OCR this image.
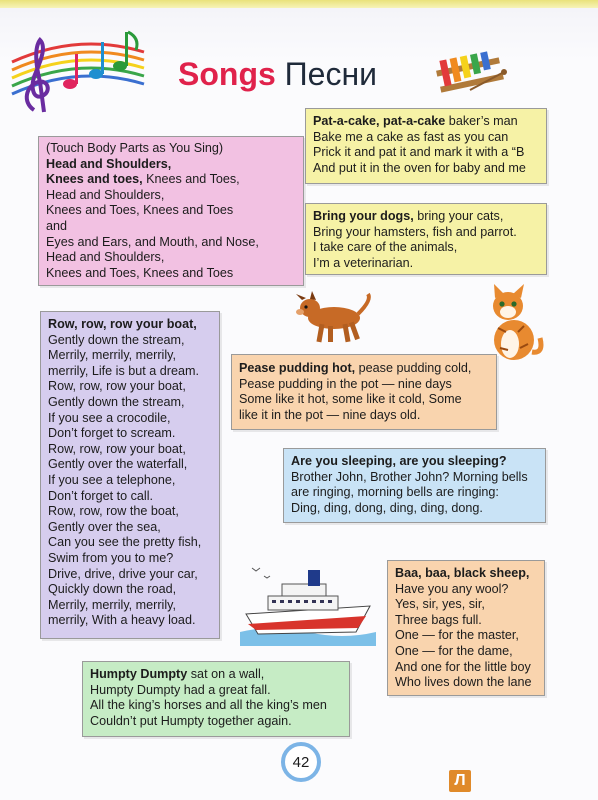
Songs Песни
(Touch Body Parts as You Sing)
Head and Shoulders,
Knees and toes, Knees and Toes,
Head and Shoulders,
Knees and Toes, Knees and Toes
and
Eyes and Ears, and Mouth, and Nose,
Head and Shoulders,
Knees and Toes, Knees and Toes
Pat-a-cake, pat-a-cake baker’s man
Bake me a cake as fast as you can
Prick it and pat it and mark it with a “B
And put it in the oven for baby and me
Bring your dogs, bring your cats,
Bring your hamsters, fish and parrot.
I take care of the animals,
I’m a veterinarian.
Row, row, row your boat,
Gently down the stream,
Merrily, merrily, merrily,
merrily, Life is but a dream.
Row, row, row your boat,
Gently down the stream,
If you see a crocodile,
Don’t forget to scream.
Row, row, row your boat,
Gently over the waterfall,
If you see a telephone,
Don’t forget to call.
Row, row, row the boat,
Gently over the sea,
Can you see the pretty fish,
Swim from you to me?
Drive, drive, drive your car,
Quickly down the road,
Merrily, merrily, merrily,
merrily, With a heavy load.
Pease pudding hot, pease pudding cold,
Pease pudding in the pot — nine days
Some like it hot, some like it cold, Some
like it in the pot — nine days old.
Are you sleeping, are you sleeping?
Brother John, Brother John? Morning bells
are ringing, morning bells are ringing:
Ding, ding, dong, ding, ding, dong.
Baa, baa, black sheep,
Have you any wool?
Yes, sir, yes, sir,
Three bags full.
One — for the master,
One — for the dame,
And one for the little boy
Who lives down the lane
Humpty Dumpty sat on a wall,
Humpty Dumpty had a great fall.
All the king’s horses and all the king’s men
Couldn’t put Humpty together again.
42
Л
